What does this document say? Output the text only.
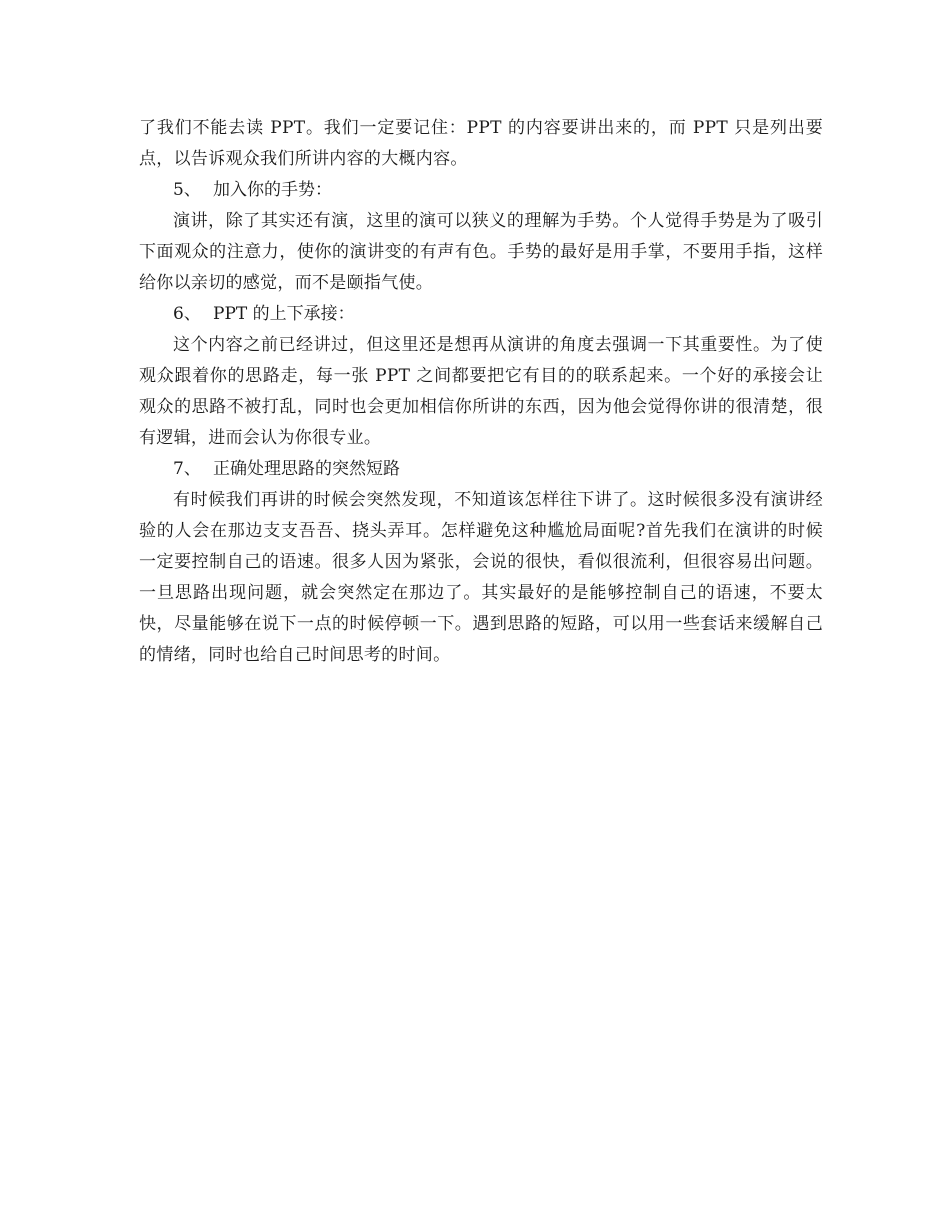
了我们不能去读 PPT。我们一定要记住：PPT 的内容要讲出来的，而 PPT 只是列出要点，以告诉观众我们所讲内容的大概内容。

5、 加入你的手势：

演讲，除了其实还有演，这里的演可以狭义的理解为手势。个人觉得手势是为了吸引下面观众的注意力，使你的演讲变的有声有色。手势的最好是用手掌，不要用手指，这样给你以亲切的感觉，而不是颐指气使。

6、 PPT 的上下承接：

这个内容之前已经讲过，但这里还是想再从演讲的角度去强调一下其重要性。为了使观众跟着你的思路走，每一张 PPT 之间都要把它有目的的联系起来。一个好的承接会让观众的思路不被打乱，同时也会更加相信你所讲的东西，因为他会觉得你讲的很清楚，很有逻辑，进而会认为你很专业。

7、 正确处理思路的突然短路

有时候我们再讲的时候会突然发现，不知道该怎样往下讲了。这时候很多没有演讲经验的人会在那边支支吾吾、挠头弄耳。怎样避免这种尴尬局面呢?首先我们在演讲的时候一定要控制自己的语速。很多人因为紧张，会说的很快，看似很流利，但很容易出问题。一旦思路出现问题，就会突然定在那边了。其实最好的是能够控制自己的语速，不要太快，尽量能够在说下一点的时候停顿一下。遇到思路的短路，可以用一些套话来缓解自己的情绪，同时也给自己时间思考的时间。
